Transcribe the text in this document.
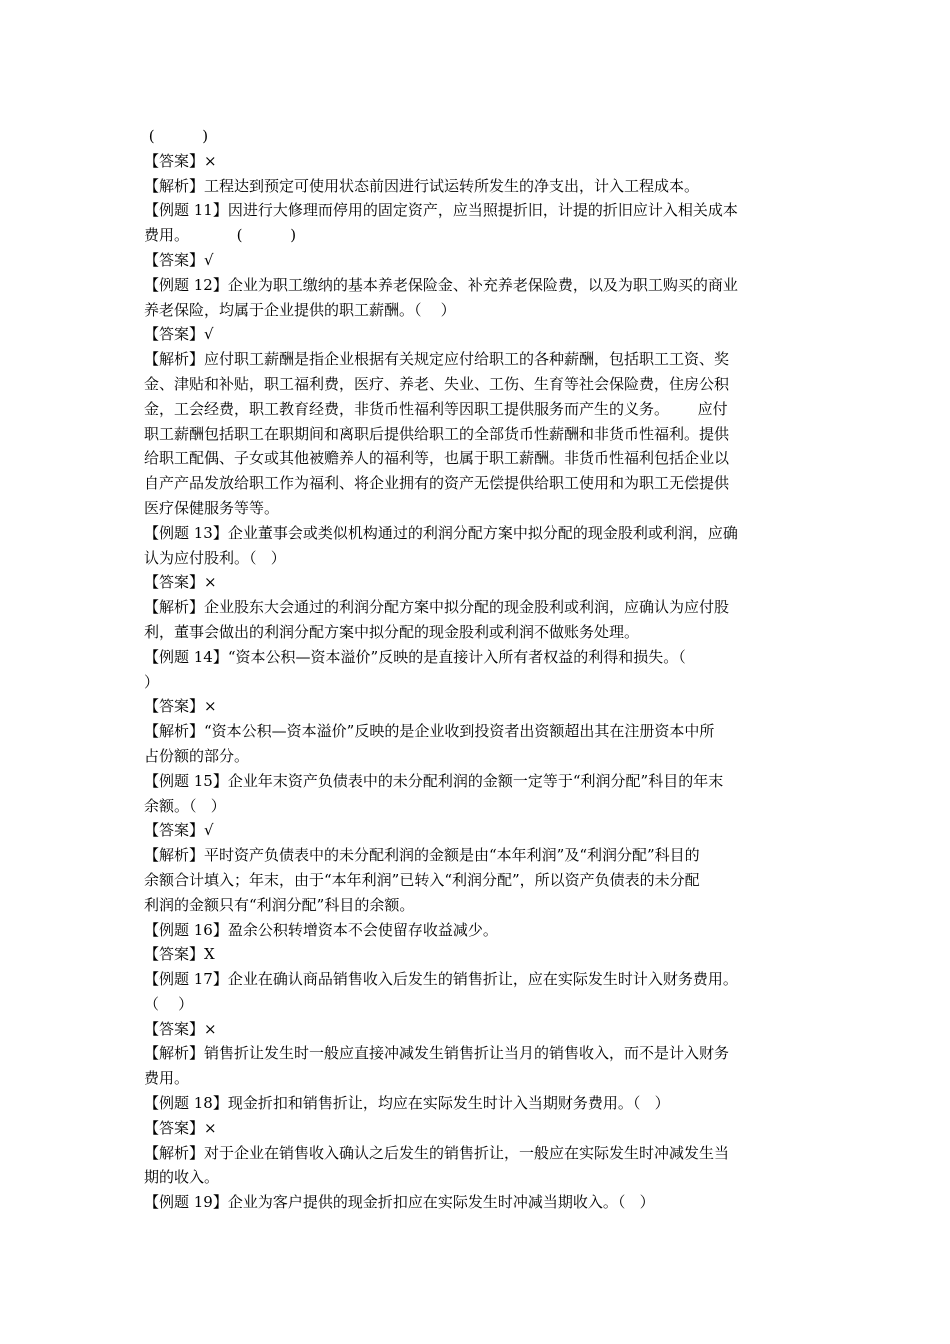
(          )
【答案】×
【解析】工程达到预定可使用状态前因进行试运转所发生的净支出，计入工程成本。
【例题 11】因进行大修理而停用的固定资产，应当照提折旧，计提的折旧应计入相关成本
费用。          (          )
【答案】√
【例题 12】企业为职工缴纳的基本养老保险金、补充养老保险费，以及为职工购买的商业
养老保险，均属于企业提供的职工薪酬。（    ）
【答案】√
【解析】应付职工薪酬是指企业根据有关规定应付给职工的各种薪酬，包括职工工资、奖
金、津贴和补贴，职工福利费，医疗、养老、失业、工伤、生育等社会保险费，住房公积
金，工会经费，职工教育经费，非货币性福利等因职工提供服务而产生的义务。      应付
职工薪酬包括职工在职期间和离职后提供给职工的全部货币性薪酬和非货币性福利。提供
给职工配偶、子女或其他被赡养人的福利等，也属于职工薪酬。非货币性福利包括企业以
自产产品发放给职工作为福利、将企业拥有的资产无偿提供给职工使用和为职工无偿提供
医疗保健服务等等。
【例题 13】企业董事会或类似机构通过的利润分配方案中拟分配的现金股利或利润，应确
认为应付股利。（   ）
【答案】×
【解析】企业股东大会通过的利润分配方案中拟分配的现金股利或利润，应确认为应付股
利，董事会做出的利润分配方案中拟分配的现金股利或利润不做账务处理。
【例题 14】“资本公积—资本溢价”反映的是直接计入所有者权益的利得和损失。（
）
【答案】×
【解析】“资本公积—资本溢价”反映的是企业收到投资者出资额超出其在注册资本中所
占份额的部分。
【例题 15】企业年末资产负债表中的未分配利润的金额一定等于“利润分配”科目的年末
余额。（   ）
【答案】√
【解析】平时资产负债表中的未分配利润的金额是由“本年利润”及“利润分配”科目的
余额合计填入；年末，由于“本年利润”已转入“利润分配”，所以资产负债表的未分配
利润的金额只有“利润分配”科目的余额。
【例题 16】盈余公积转增资本不会使留存收益减少。
【答案】X
【例题 17】企业在确认商品销售收入后发生的销售折让，应在实际发生时计入财务费用。
（    ）
【答案】×
【解析】销售折让发生时一般应直接冲减发生销售折让当月的销售收入，而不是计入财务
费用。
【例题 18】现金折扣和销售折让，均应在实际发生时计入当期财务费用。（   ）
【答案】×
【解析】对于企业在销售收入确认之后发生的销售折让，一般应在实际发生时冲减发生当
期的收入。
【例题 19】企业为客户提供的现金折扣应在实际发生时冲减当期收入。（   ）
